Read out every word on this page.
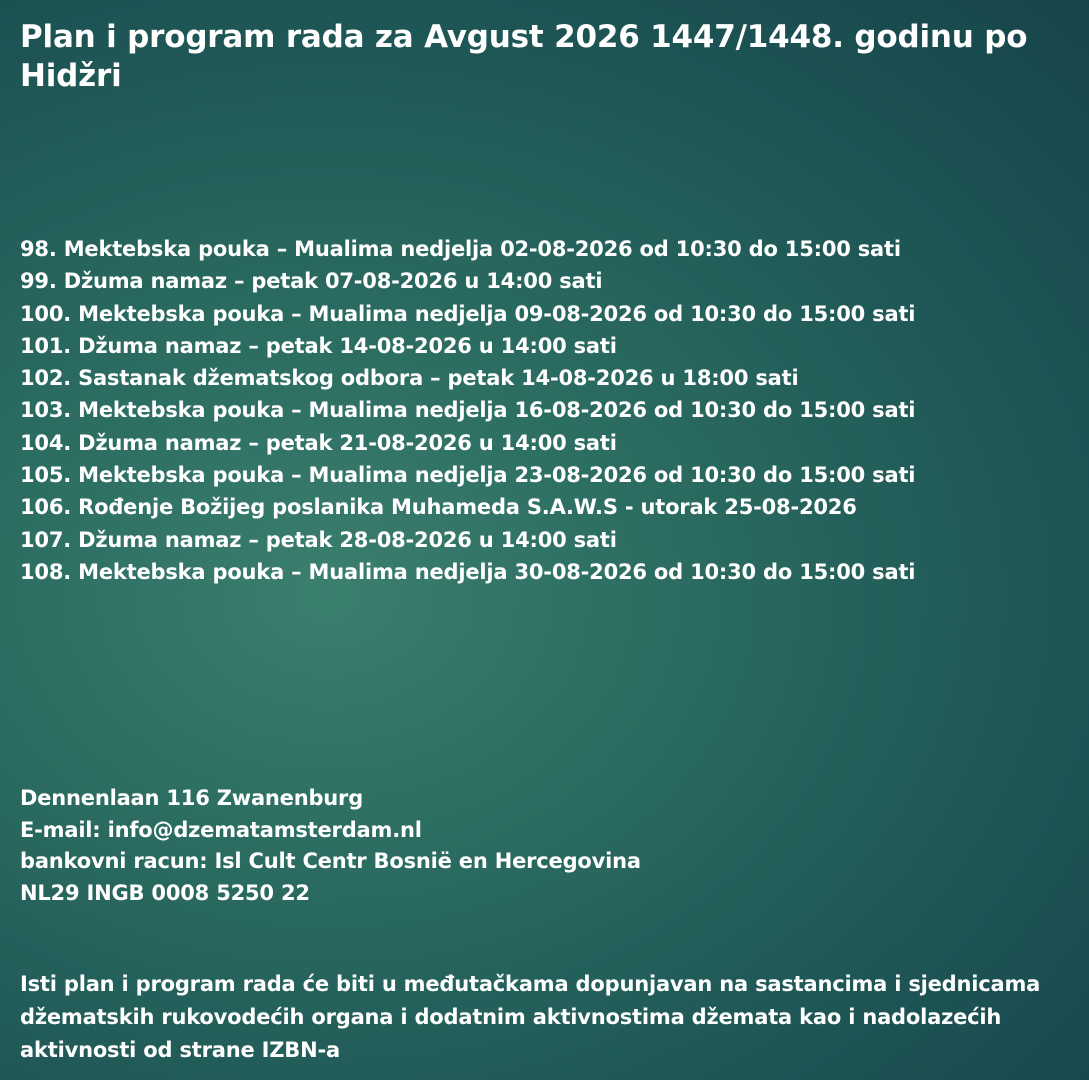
Plan i program rada za Avgust 2026 1447/1448. godinu po Hidžri
98. Mektebska pouka – Mualima nedjelja 02-08-2026 od 10:30 do 15:00 sati
99. Džuma namaz – petak 07-08-2026 u 14:00 sati
100. Mektebska pouka – Mualima nedjelja 09-08-2026 od 10:30 do 15:00 sati
101. Džuma namaz – petak 14-08-2026 u 14:00 sati
102. Sastanak džematskog odbora – petak 14-08-2026 u 18:00 sati
103. Mektebska pouka – Mualima nedjelja 16-08-2026 od 10:30 do 15:00 sati
104. Džuma namaz – petak 21-08-2026 u 14:00 sati
105. Mektebska pouka – Mualima nedjelja 23-08-2026 od 10:30 do 15:00 sati
106. Rođenje Božijeg poslanika Muhameda S.A.W.S - utorak 25-08-2026
107. Džuma namaz – petak 28-08-2026 u 14:00 sati
108. Mektebska pouka – Mualima nedjelja 30-08-2026 od 10:30 do 15:00 sati
Dennenlaan 116 Zwanenburg
E-mail: info@dzematamsterdam.nl
bankovni racun: Isl Cult Centr Bosnië en Hercegovina
NL29 INGB 0008 5250 22
Isti plan i program rada će biti u međutačkama dopunjavan na sastancima i sjednicama džematskih rukovodećih organa i dodatnim aktivnostima džemata kao i nadolazećih aktivnosti od strane IZBN-a
